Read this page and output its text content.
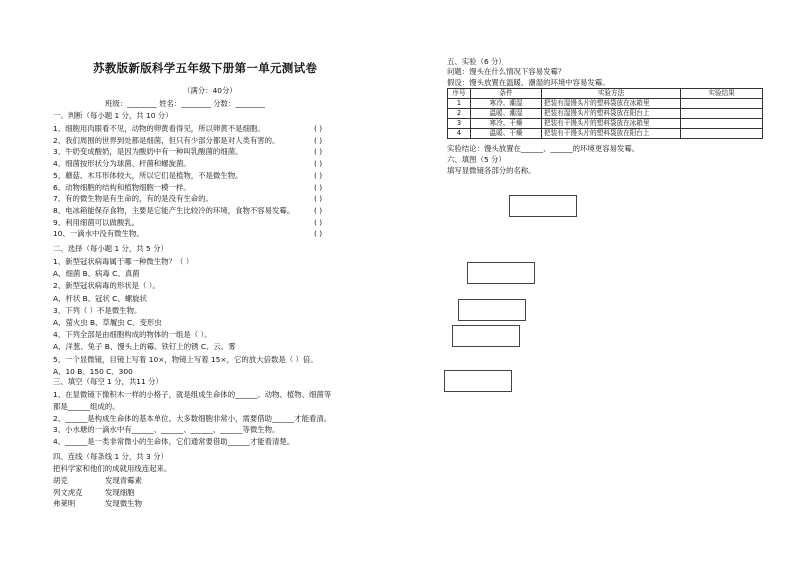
苏教版新版科学五年级下册第一单元测试卷
（满分：40分）
班级：________ 姓名：________ 分数：________
一、判断（每小题 1 分，共 10 分）
1、细胞用肉眼看不见，动物的卵黄看得见，所以卵黄不是细胞。	( )
2、我们周围的世界到处都是细菌，但只有少部分都是对人类有害的。	( )
3、牛奶变成酸奶，是因为酸奶中有一种叫乳酸菌的细菌。	( )
4、细菌按形状分为球菌、杆菌和螺旋菌。	( )
5、蘑菇、木耳形体较大，所以它们是植物，不是微生物。	( )
6、动物细胞的结构和植物细胞一模一样。	( )
7、有的微生物是有生命的，有的是没有生命的。	( )
8、电冰箱能保存食物，主要是它能产生比较冷的环境，食物不容易发霉。	( )
9、利用细菌可以做酸乳。	( )
10、一滴水中没有微生物。	( )
二、选择（每小题 1 分，共 5 分）
1、新型冠状病毒属于哪一种微生物？（ ）
A、细菌 B、病毒 C、真菌
2、新型冠状病毒的形状是（ ）。
A、杆状 B、冠状 C、螺旋状
3、下列（ ）不是微生物。
A、萤火虫 B、草履虫 C、变形虫
4、下列全部是由细胞构成的物体的一组是（ ）。
A、洋葱、兔子 B、馒头上的霉、铁钉上的锈 C、云、雾
5、一个显微镜，目镜上写着 10×，物镜上写着 15×，它的放大倍数是（ ）倍。
A、10 B、150 C、300
三、填空（每空 1 分，共11 分）
1、在显微镜下像积木一样的小格子，就是组成生命体的______。动物、植物、细菌等
都是______组成的。
2、______是构成生命体的基本单位。大多数细胞非常小，需要借助______才能看清。
3、小水塘的一滴水中有______、______、______、______等微生物。
4、______是一类非常微小的生命体，它们通常要借助______才能看清楚。
四、连线（每条线 1 分，共 3 分）
把科学家和他们的成就用线连起来。
胡克
列文虎克
弗莱明
发现青霉素
发现细胞
发现微生物
五、实验（6 分）
问题：馒头在什么情况下容易发霉？
假设：馒头放置在温暖、潮湿的环境中容易发霉。
序号	条件	实验方法	实验结果
1	寒冷、潮湿	把装有湿馒头片的塑料袋放在冰箱里	
2	温暖、潮湿	把装有湿馒头片的塑料袋放在阳台上	
3	寒冷、干燥	把装有干馒头片的塑料袋放在冰箱里	
4	温暖、干燥	把装有干馒头片的塑料袋放在阳台上	
实验结论：馒头放置在______、______的环境更容易发霉。
六、填图（5 分）
填写显微镜各部分的名称。
